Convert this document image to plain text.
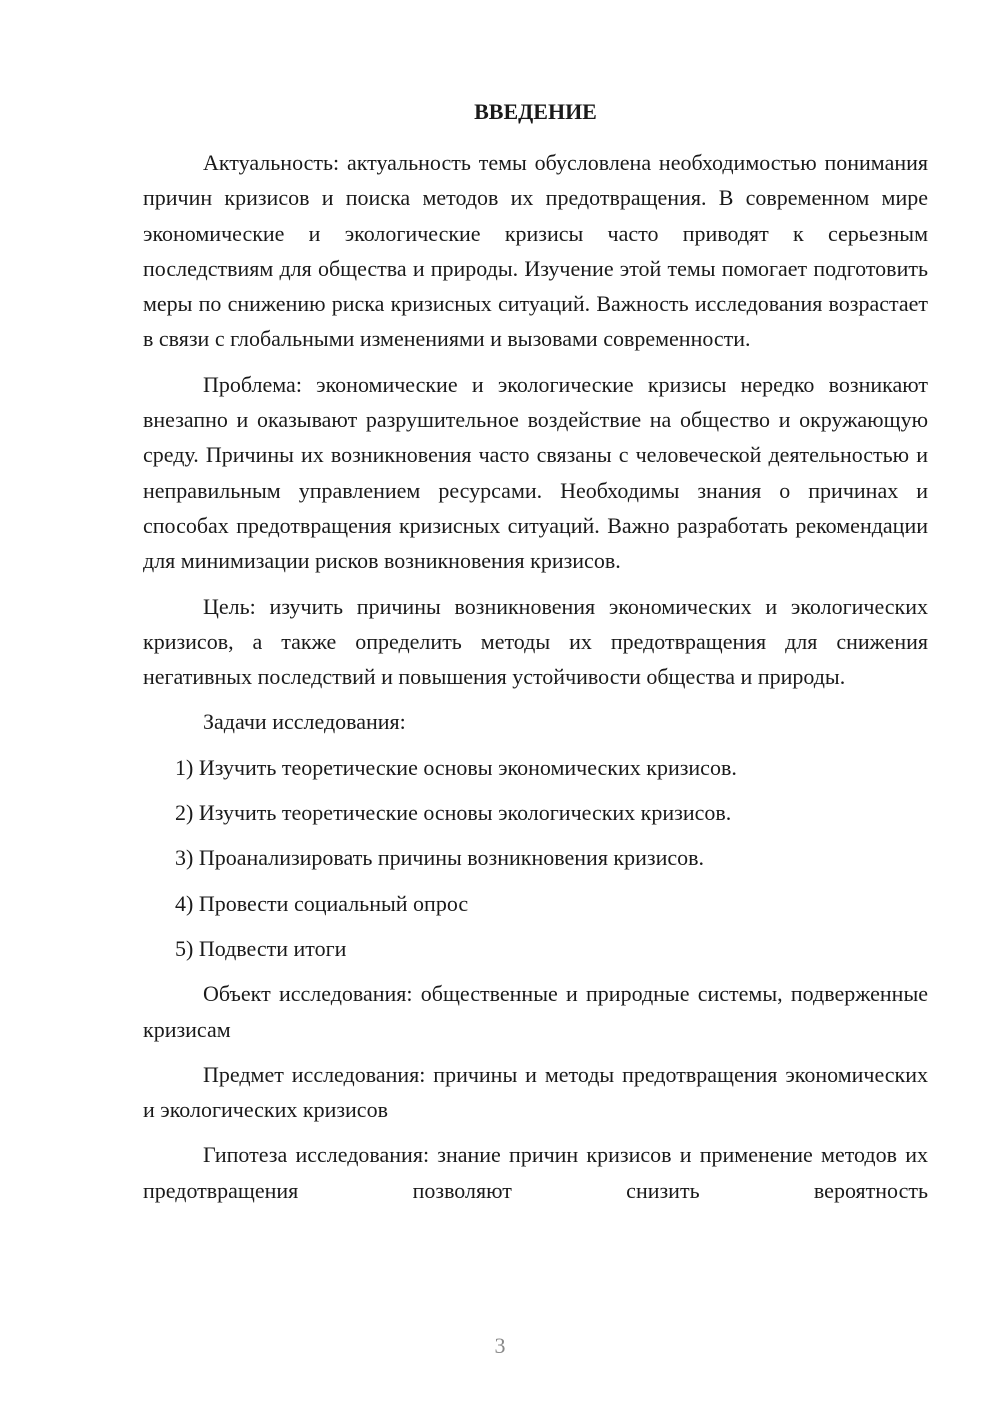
ВВЕДЕНИЕ

Актуальность: актуальность темы обусловлена необходимостью понимания причин кризисов и поиска методов их предотвращения. В современном мире экономические и экологические кризисы часто приводят к серьезным последствиям для общества и природы. Изучение этой темы помогает подготовить меры по снижению риска кризисных ситуаций. Важность исследования возрастает в связи с глобальными изменениями и вызовами современности.

Проблема: экономические и экологические кризисы нередко возникают внезапно и оказывают разрушительное воздействие на общество и окружающую среду. Причины их возникновения часто связаны с человеческой деятельностью и неправильным управлением ресурсами. Необходимы знания о причинах и способах предотвращения кризисных ситуаций. Важно разработать рекомендации для минимизации рисков возникновения кризисов.

Цель: изучить причины возникновения экономических и экологических кризисов, а также определить методы их предотвращения для снижения негативных последствий и повышения устойчивости общества и природы.

Задачи исследования:
1) Изучить теоретические основы экономических кризисов.
2) Изучить теоретические основы экологических кризисов.
3) Проанализировать причины возникновения кризисов.
4) Провести социальный опрос
5) Подвести итоги

Объект исследования: общественные и природные системы, подверженные кризисам

Предмет исследования: причины и методы предотвращения экономических и экологических кризисов

Гипотеза исследования: знание причин кризисов и применение методов их предотвращения позволяют снизить вероятность

3
